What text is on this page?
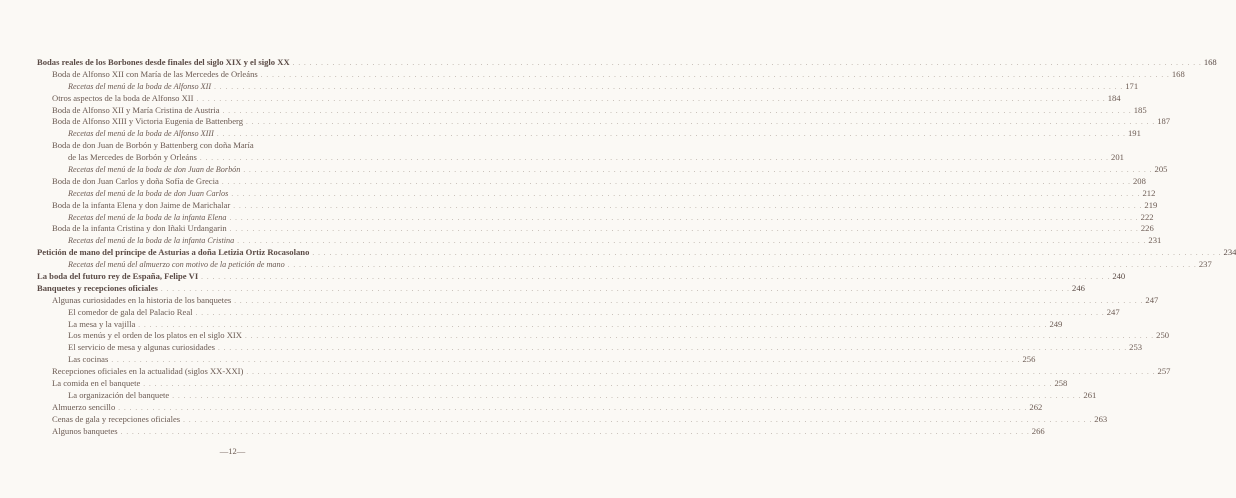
Bodas reales de los Borbones desde finales del siglo XIX y el siglo XX . . . . . . . . . . . . . . . . . . . . . . . . . . . . . . . . . . . . . . . . . . . . . . . . . . . . . . . . . . . . . . . . . . . . . . . . . . . . . . . . . . . . . . . . . . . . . . . . . . . . . . . . . . . . . . . . . . . . . . . . . . . . . . . . . . . . . . . . . . . . . . . . . . . . . . . . . . . . . . . . 168
Boda de Alfonso XII con María de las Mercedes de Orleáns . . . . . . . . . . . . . . . . . . . . . . . . . . . . . . . . . . . . . . . . . . . . . . . . . . . . . . . . . . . . . . . . . . . . . . . . . . . . . . . . . . . . . . . . . . . . . . . . . . . . . . . . . . . . . . . . . . . . . . . . . . . . . . . . . . . . . . . . . . . . . . . . . . . . . . . . . . . . . . . . 168
Recetas del menú de la boda de Alfonso XII . . . . . . . . . . . . . . . . . . . . . . . . . . . . . . . . . . . . . . . . . . . . . . . . . . . . . . . . . . . . . . . . . . . . . . . . . . . . . . . . . . . . . . . . . . . . . . . . . . . . . . . . . . . . . . . . . . . . . . . . . . . . . . . . . . . . . . . . . . . . . . . . . . . . . . . . . . . . . . . . 171
Otros aspectos de la boda de Alfonso XII . . . . . . . . . . . . . . . . . . . . . . . . . . . . . . . . . . . . . . . . . . . . . . . . . . . . . . . . . . . . . . . . . . . . . . . . . . . . . . . . . . . . . . . . . . . . . . . . . . . . . . . . . . . . . . . . . . . . . . . . . . . . . . . . . . . . . . . . . . . . . . . . . . . . . . . . . . . . . . . . 184
Boda de Alfonso XII y María Cristina de Austria . . . . . . . . . . . . . . . . . . . . . . . . . . . . . . . . . . . . . . . . . . . . . . . . . . . . . . . . . . . . . . . . . . . . . . . . . . . . . . . . . . . . . . . . . . . . . . . . . . . . . . . . . . . . . . . . . . . . . . . . . . . . . . . . . . . . . . . . . . . . . . . . . . . . . . . . . . . . . . . . 185
Boda de Alfonso XIII y Victoria Eugenia de Battenberg . . . . . . . . . . . . . . . . . . . . . . . . . . . . . . . . . . . . . . . . . . . . . . . . . . . . . . . . . . . . . . . . . . . . . . . . . . . . . . . . . . . . . . . . . . . . . . . . . . . . . . . . . . . . . . . . . . . . . . . . . . . . . . . . . . . . . . . . . . . . . . . . . . . . . . . . . . . . . . . . 187
Recetas del menú de la boda de Alfonso XIII . . . . . . . . . . . . . . . . . . . . . . . . . . . . . . . . . . . . . . . . . . . . . . . . . . . . . . . . . . . . . . . . . . . . . . . . . . . . . . . . . . . . . . . . . . . . . . . . . . . . . . . . . . . . . . . . . . . . . . . . . . . . . . . . . . . . . . . . . . . . . . . . . . . . . . . . . . . . . . . . 191
Boda de don Juan de Borbón y Battenberg con doña María
de las Mercedes de Borbón y Orleáns . . . . . . . . . . . . . . . . . . . . . . . . . . . . . . . . . . . . . . . . . . . . . . . . . . . . . . . . . . . . . . . . . . . . . . . . . . . . . . . . . . . . . . . . . . . . . . . . . . . . . . . . . . . . . . . . . . . . . . . . . . . . . . . . . . . . . . . . . . . . . . . . . . . . . . . . . . . . . . . . 201
Recetas del menú de la boda de don Juan de Borbón . . . . . . . . . . . . . . . . . . . . . . . . . . . . . . . . . . . . . . . . . . . . . . . . . . . . . . . . . . . . . . . . . . . . . . . . . . . . . . . . . . . . . . . . . . . . . . . . . . . . . . . . . . . . . . . . . . . . . . . . . . . . . . . . . . . . . . . . . . . . . . . . . . . . . . . . . . . . . . . . 205
Boda de don Juan Carlos y doña Sofía de Grecia . . . . . . . . . . . . . . . . . . . . . . . . . . . . . . . . . . . . . . . . . . . . . . . . . . . . . . . . . . . . . . . . . . . . . . . . . . . . . . . . . . . . . . . . . . . . . . . . . . . . . . . . . . . . . . . . . . . . . . . . . . . . . . . . . . . . . . . . . . . . . . . . . . . . . . . . . . . . . . . . 208
Recetas del menú de la boda de don Juan Carlos . . . . . . . . . . . . . . . . . . . . . . . . . . . . . . . . . . . . . . . . . . . . . . . . . . . . . . . . . . . . . . . . . . . . . . . . . . . . . . . . . . . . . . . . . . . . . . . . . . . . . . . . . . . . . . . . . . . . . . . . . . . . . . . . . . . . . . . . . . . . . . . . . . . . . . . . . . . . . . . . 212
Boda de la infanta Elena y don Jaime de Marichalar . . . . . . . . . . . . . . . . . . . . . . . . . . . . . . . . . . . . . . . . . . . . . . . . . . . . . . . . . . . . . . . . . . . . . . . . . . . . . . . . . . . . . . . . . . . . . . . . . . . . . . . . . . . . . . . . . . . . . . . . . . . . . . . . . . . . . . . . . . . . . . . . . . . . . . . . . . . . . . . . 219
Recetas del menú de la boda de la infanta Elena . . . . . . . . . . . . . . . . . . . . . . . . . . . . . . . . . . . . . . . . . . . . . . . . . . . . . . . . . . . . . . . . . . . . . . . . . . . . . . . . . . . . . . . . . . . . . . . . . . . . . . . . . . . . . . . . . . . . . . . . . . . . . . . . . . . . . . . . . . . . . . . . . . . . . . . . . . . . . . . . 222
Boda de la infanta Cristina y don Iñaki Urdangarin . . . . . . . . . . . . . . . . . . . . . . . . . . . . . . . . . . . . . . . . . . . . . . . . . . . . . . . . . . . . . . . . . . . . . . . . . . . . . . . . . . . . . . . . . . . . . . . . . . . . . . . . . . . . . . . . . . . . . . . . . . . . . . . . . . . . . . . . . . . . . . . . . . . . . . . . . . . . . . . . 226
Recetas del menú de la boda de la infanta Cristina . . . . . . . . . . . . . . . . . . . . . . . . . . . . . . . . . . . . . . . . . . . . . . . . . . . . . . . . . . . . . . . . . . . . . . . . . . . . . . . . . . . . . . . . . . . . . . . . . . . . . . . . . . . . . . . . . . . . . . . . . . . . . . . . . . . . . . . . . . . . . . . . . . . . . . . . . . . . . . . . 231
Petición de mano del príncipe de Asturias a doña Letizia Ortiz Rocasolano . . . . . . . . . . . . . . . . . . . . . . . . . . . . . . . . . . . . . . . . . . . . . . . . . . . . . . . . . . . . . . . . . . . . . . . . . . . . . . . . . . . . . . . . . . . . . . . . . . . . . . . . . . . . . . . . . . . . . . . . . . . . . . . . . . . . . . . . . . . . . . . . . . . . . . . . . . . . . . . . 234
Recetas del menú del almuerzo con motivo de la petición de mano . . . . . . . . . . . . . . . . . . . . . . . . . . . . . . . . . . . . . . . . . . . . . . . . . . . . . . . . . . . . . . . . . . . . . . . . . . . . . . . . . . . . . . . . . . . . . . . . . . . . . . . . . . . . . . . . . . . . . . . . . . . . . . . . . . . . . . . . . . . . . . . . . . . . . . . . . . . . . . . . 237
La boda del futuro rey de España, Felipe VI . . . . . . . . . . . . . . . . . . . . . . . . . . . . . . . . . . . . . . . . . . . . . . . . . . . . . . . . . . . . . . . . . . . . . . . . . . . . . . . . . . . . . . . . . . . . . . . . . . . . . . . . . . . . . . . . . . . . . . . . . . . . . . . . . . . . . . . . . . . . . . . . . . . . . . . . . . . . . . . . 240
Banquetes y recepciones oficiales . . . . . . . . . . . . . . . . . . . . . . . . . . . . . . . . . . . . . . . . . . . . . . . . . . . . . . . . . . . . . . . . . . . . . . . . . . . . . . . . . . . . . . . . . . . . . . . . . . . . . . . . . . . . . . . . . . . . . . . . . . . . . . . . . . . . . . . . . . . . . . . . . . . . . . . . . . . . . . . . 246
Algunas curiosidades en la historia de los banquetes . . . . . . . . . . . . . . . . . . . . . . . . . . . . . . . . . . . . . . . . . . . . . . . . . . . . . . . . . . . . . . . . . . . . . . . . . . . . . . . . . . . . . . . . . . . . . . . . . . . . . . . . . . . . . . . . . . . . . . . . . . . . . . . . . . . . . . . . . . . . . . . . . . . . . . . . . . . . . . . . 247
El comedor de gala del Palacio Real . . . . . . . . . . . . . . . . . . . . . . . . . . . . . . . . . . . . . . . . . . . . . . . . . . . . . . . . . . . . . . . . . . . . . . . . . . . . . . . . . . . . . . . . . . . . . . . . . . . . . . . . . . . . . . . . . . . . . . . . . . . . . . . . . . . . . . . . . . . . . . . . . . . . . . . . . . . . . . . . 247
La mesa y la vajilla . . . . . . . . . . . . . . . . . . . . . . . . . . . . . . . . . . . . . . . . . . . . . . . . . . . . . . . . . . . . . . . . . . . . . . . . . . . . . . . . . . . . . . . . . . . . . . . . . . . . . . . . . . . . . . . . . . . . . . . . . . . . . . . . . . . . . . . . . . . . . . . . . . . . . . . . . . . . . . . . 249
Los menús y el orden de los platos en el siglo XIX . . . . . . . . . . . . . . . . . . . . . . . . . . . . . . . . . . . . . . . . . . . . . . . . . . . . . . . . . . . . . . . . . . . . . . . . . . . . . . . . . . . . . . . . . . . . . . . . . . . . . . . . . . . . . . . . . . . . . . . . . . . . . . . . . . . . . . . . . . . . . . . . . . . . . . . . . . . . . . . . 250
El servicio de mesa y algunas curiosidades . . . . . . . . . . . . . . . . . . . . . . . . . . . . . . . . . . . . . . . . . . . . . . . . . . . . . . . . . . . . . . . . . . . . . . . . . . . . . . . . . . . . . . . . . . . . . . . . . . . . . . . . . . . . . . . . . . . . . . . . . . . . . . . . . . . . . . . . . . . . . . . . . . . . . . . . . . . . . . . . 253
Las cocinas . . . . . . . . . . . . . . . . . . . . . . . . . . . . . . . . . . . . . . . . . . . . . . . . . . . . . . . . . . . . . . . . . . . . . . . . . . . . . . . . . . . . . . . . . . . . . . . . . . . . . . . . . . . . . . . . . . . . . . . . . . . . . . . . . . . . . . . . . . . . . . . . . . . . . . . . . . . . . . . . 256
Recepciones oficiales en la actualidad (siglos XX-XXI) . . . . . . . . . . . . . . . . . . . . . . . . . . . . . . . . . . . . . . . . . . . . . . . . . . . . . . . . . . . . . . . . . . . . . . . . . . . . . . . . . . . . . . . . . . . . . . . . . . . . . . . . . . . . . . . . . . . . . . . . . . . . . . . . . . . . . . . . . . . . . . . . . . . . . . . . . . . . . . . . 257
La comida en el banquete . . . . . . . . . . . . . . . . . . . . . . . . . . . . . . . . . . . . . . . . . . . . . . . . . . . . . . . . . . . . . . . . . . . . . . . . . . . . . . . . . . . . . . . . . . . . . . . . . . . . . . . . . . . . . . . . . . . . . . . . . . . . . . . . . . . . . . . . . . . . . . . . . . . . . . . . . . . . . . . . 258
La organización del banquete . . . . . . . . . . . . . . . . . . . . . . . . . . . . . . . . . . . . . . . . . . . . . . . . . . . . . . . . . . . . . . . . . . . . . . . . . . . . . . . . . . . . . . . . . . . . . . . . . . . . . . . . . . . . . . . . . . . . . . . . . . . . . . . . . . . . . . . . . . . . . . . . . . . . . . . . . . . . . . . . 261
Almuerzo sencillo . . . . . . . . . . . . . . . . . . . . . . . . . . . . . . . . . . . . . . . . . . . . . . . . . . . . . . . . . . . . . . . . . . . . . . . . . . . . . . . . . . . . . . . . . . . . . . . . . . . . . . . . . . . . . . . . . . . . . . . . . . . . . . . . . . . . . . . . . . . . . . . . . . . . . . . . . . . . . . . . 262
Cenas de gala y recepciones oficiales . . . . . . . . . . . . . . . . . . . . . . . . . . . . . . . . . . . . . . . . . . . . . . . . . . . . . . . . . . . . . . . . . . . . . . . . . . . . . . . . . . . . . . . . . . . . . . . . . . . . . . . . . . . . . . . . . . . . . . . . . . . . . . . . . . . . . . . . . . . . . . . . . . . . . . . . . . . . . . . . 263
Algunos banquetes . . . . . . . . . . . . . . . . . . . . . . . . . . . . . . . . . . . . . . . . . . . . . . . . . . . . . . . . . . . . . . . . . . . . . . . . . . . . . . . . . . . . . . . . . . . . . . . . . . . . . . . . . . . . . . . . . . . . . . . . . . . . . . . . . . . . . . . . . . . . . . . . . . . . . . . . . . . . . . . . 266
—12—
